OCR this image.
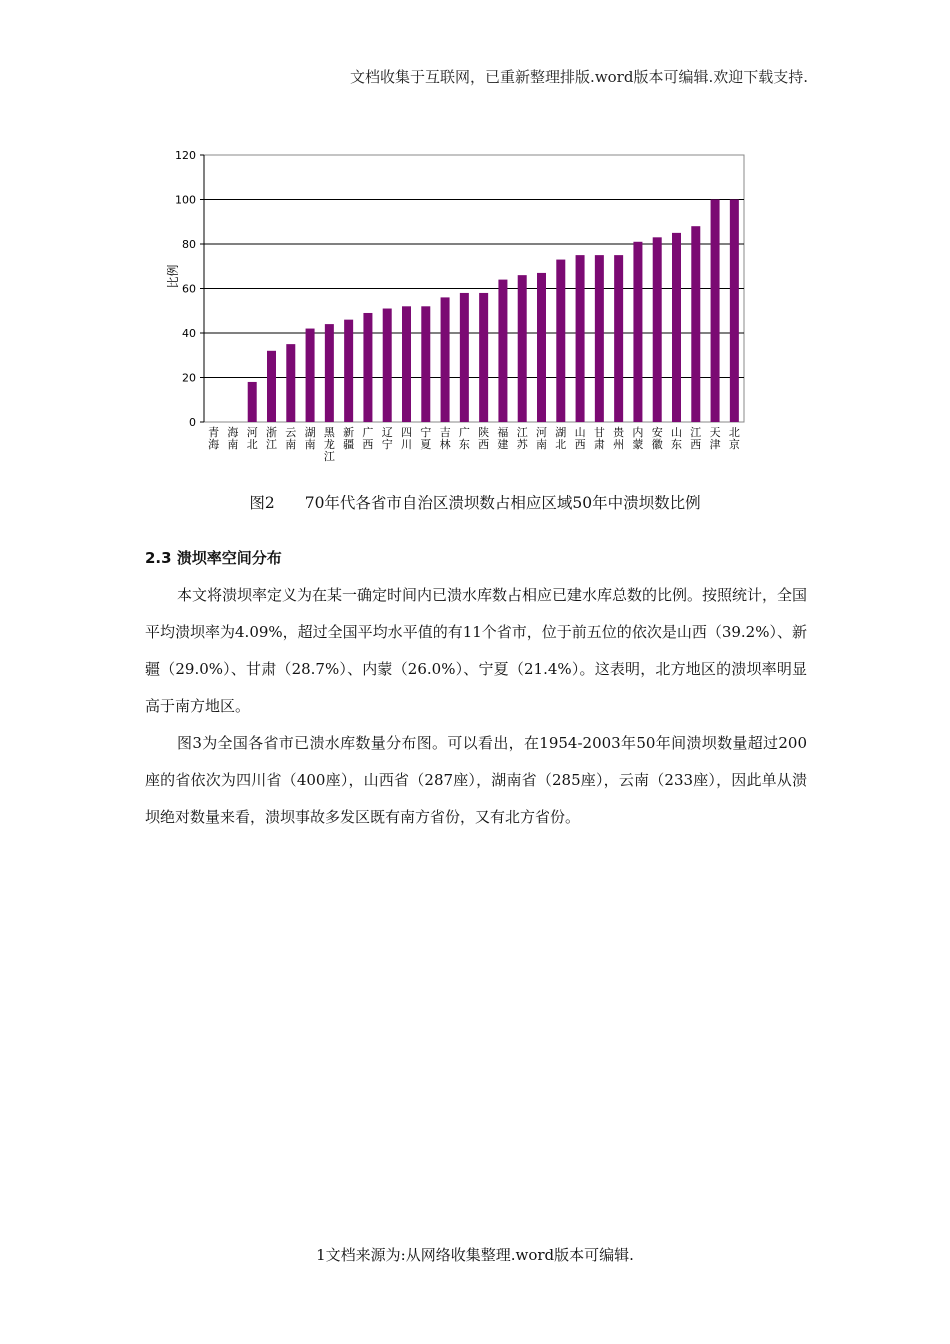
文档收集于互联网，已重新整理排版.word版本可编辑.欢迎下载支持.
0
20
40
60
80
100
120
比例
青海
海南
河北
浙江
云南
湖南
黑龙江
新疆
广西
辽宁
四川
宁夏
吉林
广东
陕西
福建
江苏
河南
湖北
山西
甘肃
贵州
内蒙
安徽
山东
江西
天津
北京
图2 70年代各省市自治区溃坝数占相应区域50年中溃坝数比例
2.3 溃坝率空间分布

本文将溃坝率定义为在某一确定时间内已溃水库数占相应已建水库总数的比例。按照统计，全国平均溃坝率为4.09%，超过全国平均水平值的有11个省市，位于前五位的依次是山西（39.2%）、新疆（29.0%）、甘肃（28.7%）、内蒙（26.0%）、宁夏（21.4%）。这表明，北方地区的溃坝率明显高于南方地区。

图3为全国各省市已溃水库数量分布图。可以看出，在1954-2003年50年间溃坝数量超过200座的省依次为四川省（400座），山西省（287座），湖南省（285座），云南（233座），因此单从溃坝绝对数量来看，溃坝事故多发区既有南方省份，又有北方省份。

1文档来源为:从网络收集整理.word版本可编辑.
